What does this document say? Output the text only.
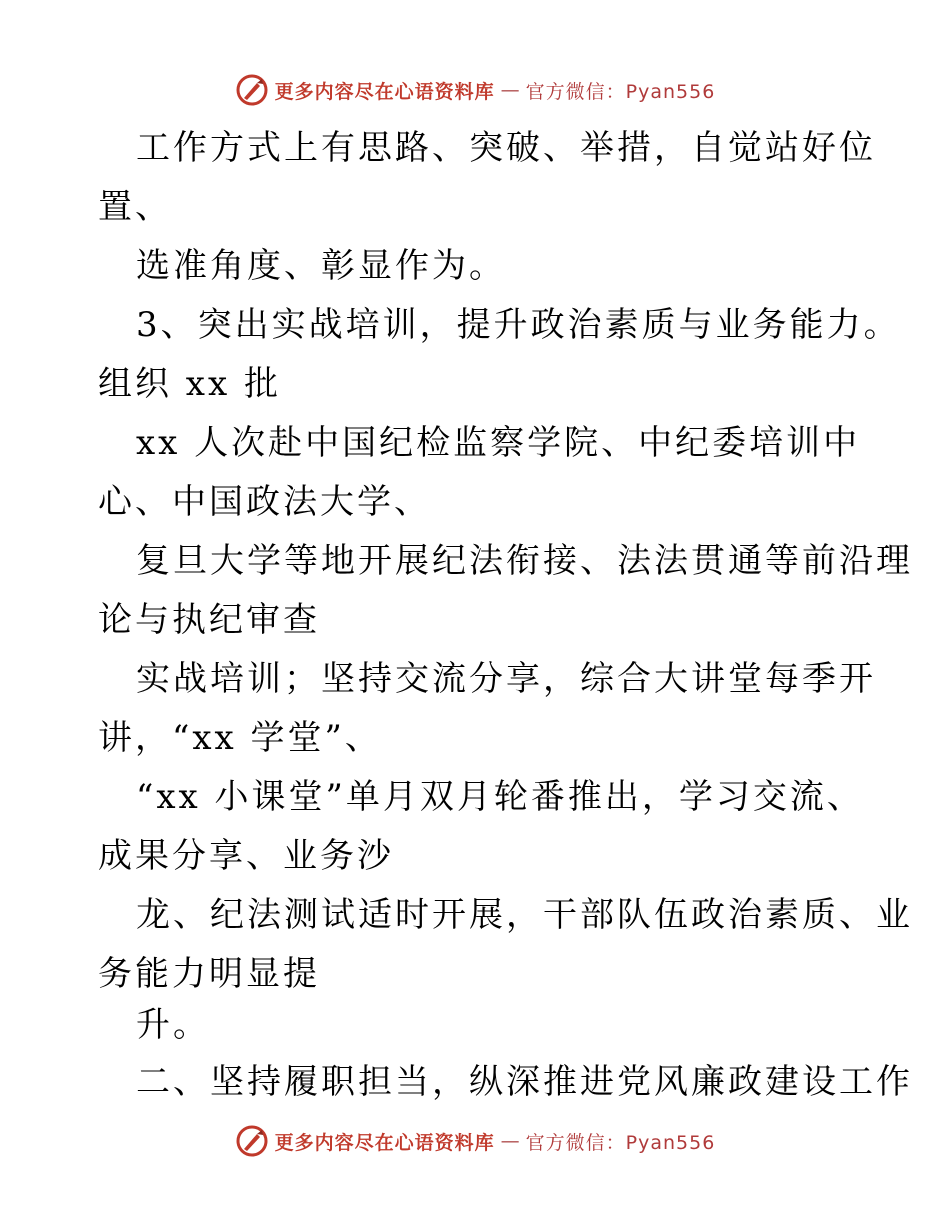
更多内容尽在心语资料库 — 官方微信：Pyan556
工作方式上有思路、突破、举措，自觉站好位
置、
选准角度、彰显作为。
3、突出实战培训，提升政治素质与业务能力。
组织 xx 批
xx 人次赴中国纪检监察学院、中纪委培训中
心、中国政法大学、
复旦大学等地开展纪法衔接、法法贯通等前沿理
论与执纪审查
实战培训；坚持交流分享，综合大讲堂每季开
讲，“xx 学堂”、
“xx 小课堂”单月双月轮番推出，学习交流、
成果分享、业务沙
龙、纪法测试适时开展，干部队伍政治素质、业
务能力明显提
升。
二、坚持履职担当，纵深推进党风廉政建设工作
更多内容尽在心语资料库 — 官方微信：Pyan556
